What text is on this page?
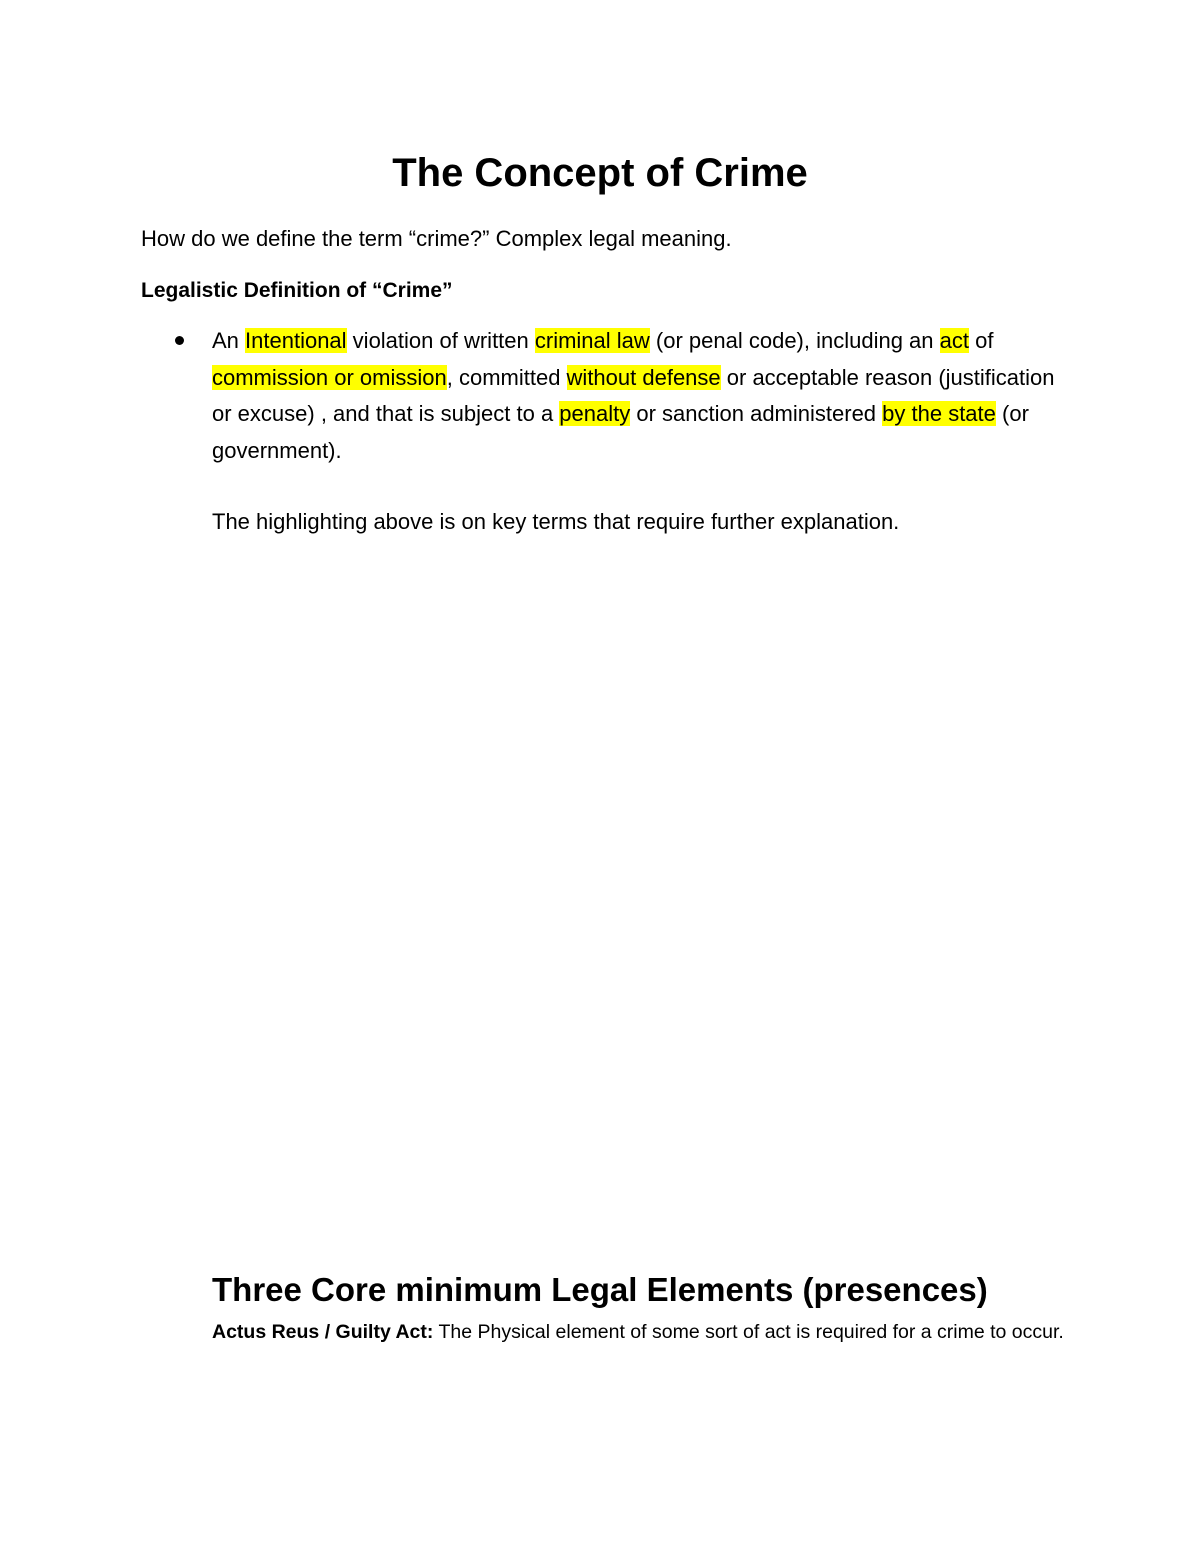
The Concept of Crime

How do we define the term “crime?” Complex legal meaning.

Legalistic Definition of “Crime”

An Intentional violation of written criminal law (or penal code), including an act of commission or omission, committed without defense or acceptable reason (justification or excuse) , and that is subject to a penalty or sanction administered by the state (or government).

The highlighting above is on key terms that require further explanation.

Three Core minimum Legal Elements (presences)

Actus Reus / Guilty Act: The Physical element of some sort of act is required for a crime to occur.
